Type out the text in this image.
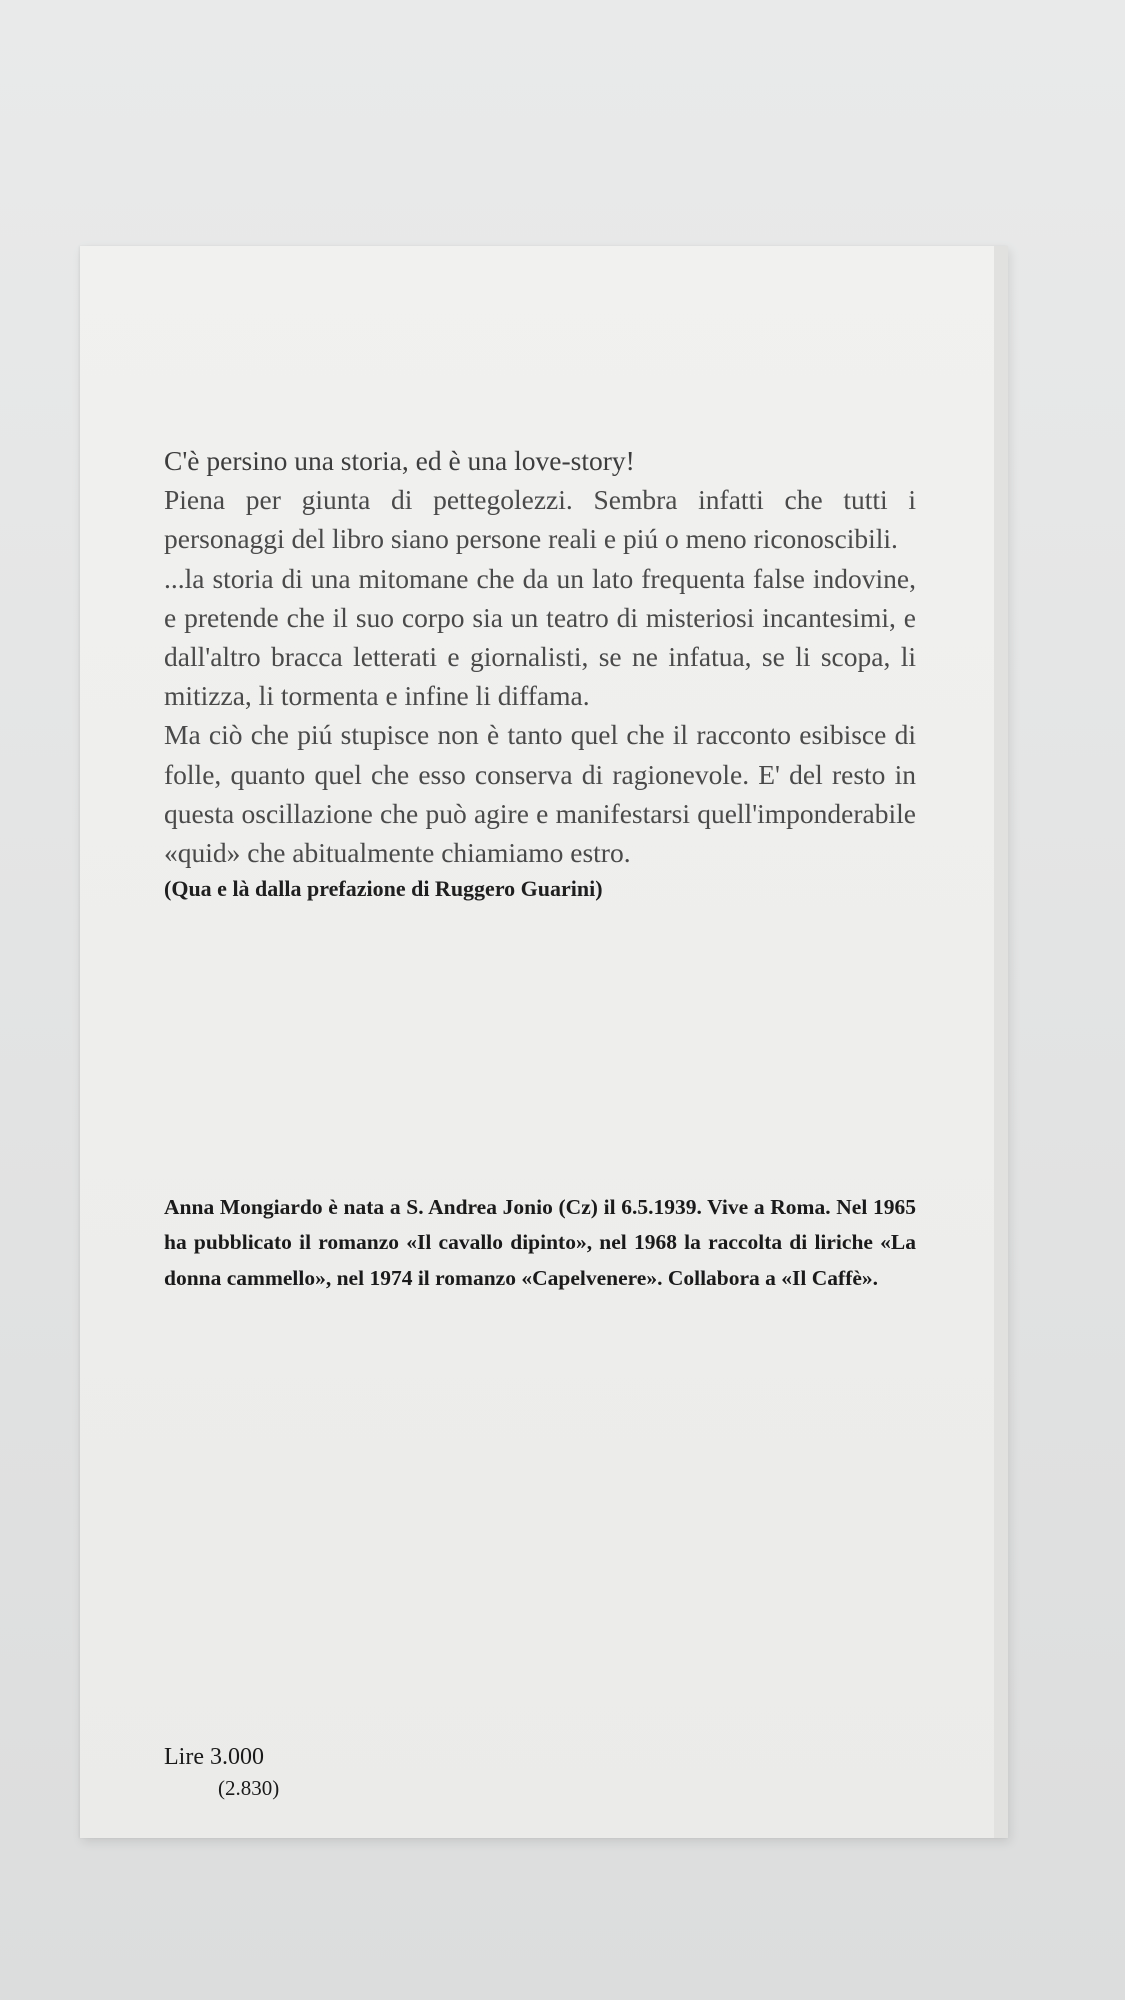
C'è persino una storia, ed è una love-story!

Piena per giunta di pettegolezzi. Sembra infatti che tutti i personaggi del libro siano persone reali e piú o meno riconoscibili.

...la storia di una mitomane che da un lato frequenta false indovine, e pretende che il suo corpo sia un teatro di misteriosi incantesimi, e dall'altro bracca letterati e giornalisti, se ne infatua, se li scopa, li mitizza, li tormenta e infine li diffama.

Ma ciò che piú stupisce non è tanto quel che il racconto esibisce di folle, quanto quel che esso conserva di ragionevole. E' del resto in questa oscillazione che può agire e manifestarsi quell'imponderabile «quid» che abitualmente chiamiamo estro.

(Qua e là dalla prefazione di Ruggero Guarini)

Anna Mongiardo è nata a S. Andrea Jonio (Cz) il 6.5.1939. Vive a Roma. Nel 1965 ha pubblicato il romanzo «Il cavallo dipinto», nel 1968 la raccolta di liriche «La donna cammello», nel 1974 il romanzo «Capelvenere». Collabora a «Il Caffè».

Lire 3.000
(2.830)
